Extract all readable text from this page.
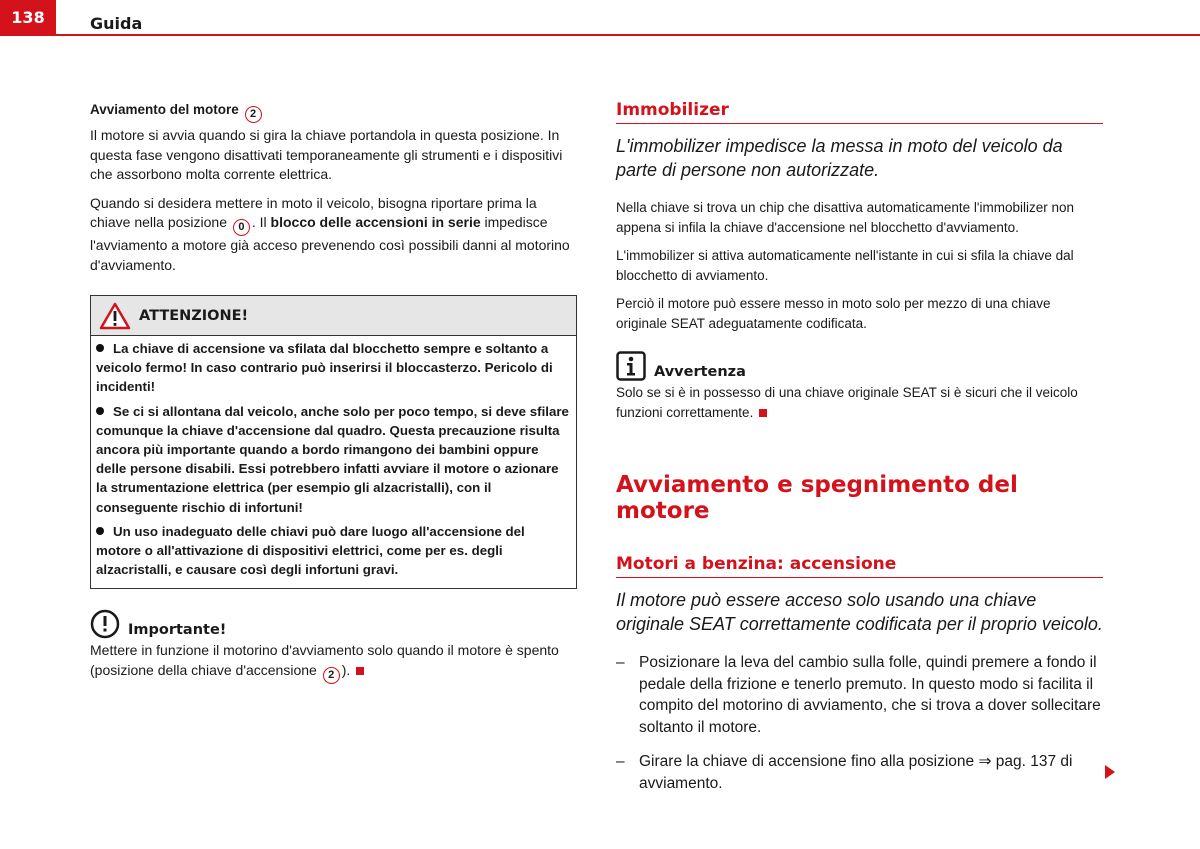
138	Guida
Avviamento del motore 2

Il motore si avvia quando si gira la chiave portandola in questa posizione. In questa fase vengono disattivati temporaneamente gli strumenti e i dispositivi che assorbono molta corrente elettrica.

Quando si desidera mettere in moto il veicolo, bisogna riportare prima la chiave nella posizione 0 . Il blocco delle accensioni in serie impedisce l'avviamento a motore già acceso prevenendo così possibili danni al motorino d'avviamento.

ATTENZIONE!

La chiave di accensione va sfilata dal blocchetto sempre e soltanto a veicolo fermo! In caso contrario può inserirsi il bloccasterzo. Pericolo di incidenti!

Se ci si allontana dal veicolo, anche solo per poco tempo, si deve sfilare comunque la chiave d'accensione dal quadro. Questa precauzione risulta ancora più importante quando a bordo rimangono dei bambini oppure delle persone disabili. Essi potrebbero infatti avviare il motore o azionare la strumentazione elettrica (per esempio gli alzacristalli), con il conseguente rischio di infortuni!

Un uso inadeguato delle chiavi può dare luogo all'accensione del motore o all'attivazione di dispositivi elettrici, come per es. degli alzacristalli, e causare così degli infortuni gravi.

Importante!

Mettere in funzione il motorino d'avviamento solo quando il motore è spento (posizione della chiave d'accensione 2 ).

Immobilizer

L'immobilizer impedisce la messa in moto del veicolo da parte di persone non autorizzate.

Nella chiave si trova un chip che disattiva automaticamente l'immobilizer non appena si infila la chiave d'accensione nel blocchetto d'avviamento.

L'immobilizer si attiva automaticamente nell'istante in cui si sfila la chiave dal blocchetto di avviamento.

Perciò il motore può essere messo in moto solo per mezzo di una chiave originale SEAT adeguatamente codificata.

Avvertenza

Solo se si è in possesso di una chiave originale SEAT si è sicuri che il veicolo funzioni correttamente.

Avviamento e spegnimento del motore
Motori a benzina: accensione

Il motore può essere acceso solo usando una chiave originale SEAT correttamente codificata per il proprio veicolo.

– Posizionare la leva del cambio sulla folle, quindi premere a fondo il pedale della frizione e tenerlo premuto. In questo modo si facilita il compito del motorino di avviamento, che si trova a dover sollecitare soltanto il motore.
– Girare la chiave di accensione fino alla posizione ⇒ pag. 137 di avviamento.
